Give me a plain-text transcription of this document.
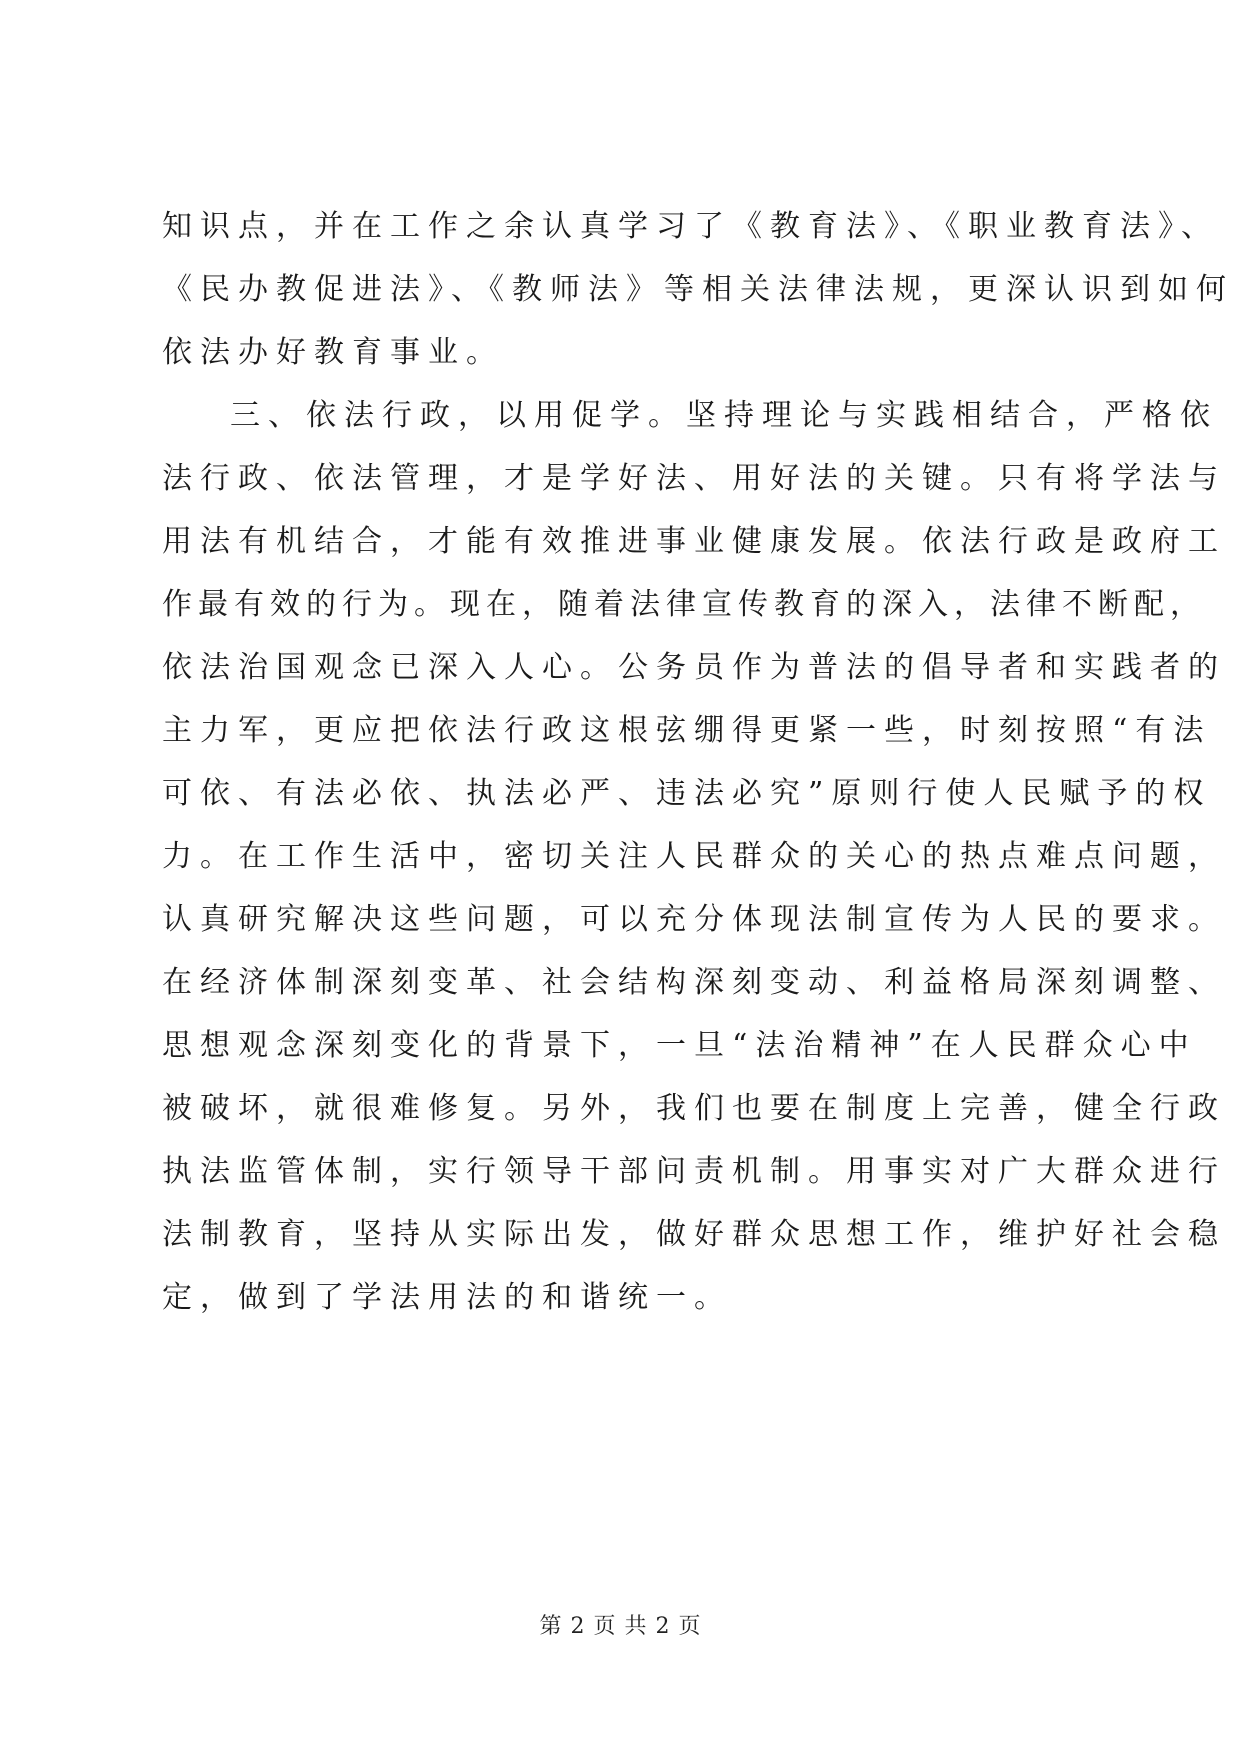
知识点，并在工作之余认真学习了《教育法》、《职业教育法》、
《民办教促进法》、《教师法》等相关法律法规，更深认识到如何
依法办好教育事业。
三、依法行政，以用促学。坚持理论与实践相结合，严格依
法行政、依法管理，才是学好法、用好法的关键。只有将学法与
用法有机结合，才能有效推进事业健康发展。依法行政是政府工
作最有效的行为。现在，随着法律宣传教育的深入，法律不断配，
依法治国观念已深入人心。公务员作为普法的倡导者和实践者的
主力军，更应把依法行政这根弦绷得更紧一些，时刻按照“有法
可依、有法必依、执法必严、违法必究”原则行使人民赋予的权
力。在工作生活中，密切关注人民群众的关心的热点难点问题，
认真研究解决这些问题，可以充分体现法制宣传为人民的要求。
在经济体制深刻变革、社会结构深刻变动、利益格局深刻调整、
思想观念深刻变化的背景下，一旦“法治精神”在人民群众心中
被破坏，就很难修复。另外，我们也要在制度上完善，健全行政
执法监管体制，实行领导干部问责机制。用事实对广大群众进行
法制教育，坚持从实际出发，做好群众思想工作，维护好社会稳
定，做到了学法用法的和谐统一。
第 2 页 共 2 页
